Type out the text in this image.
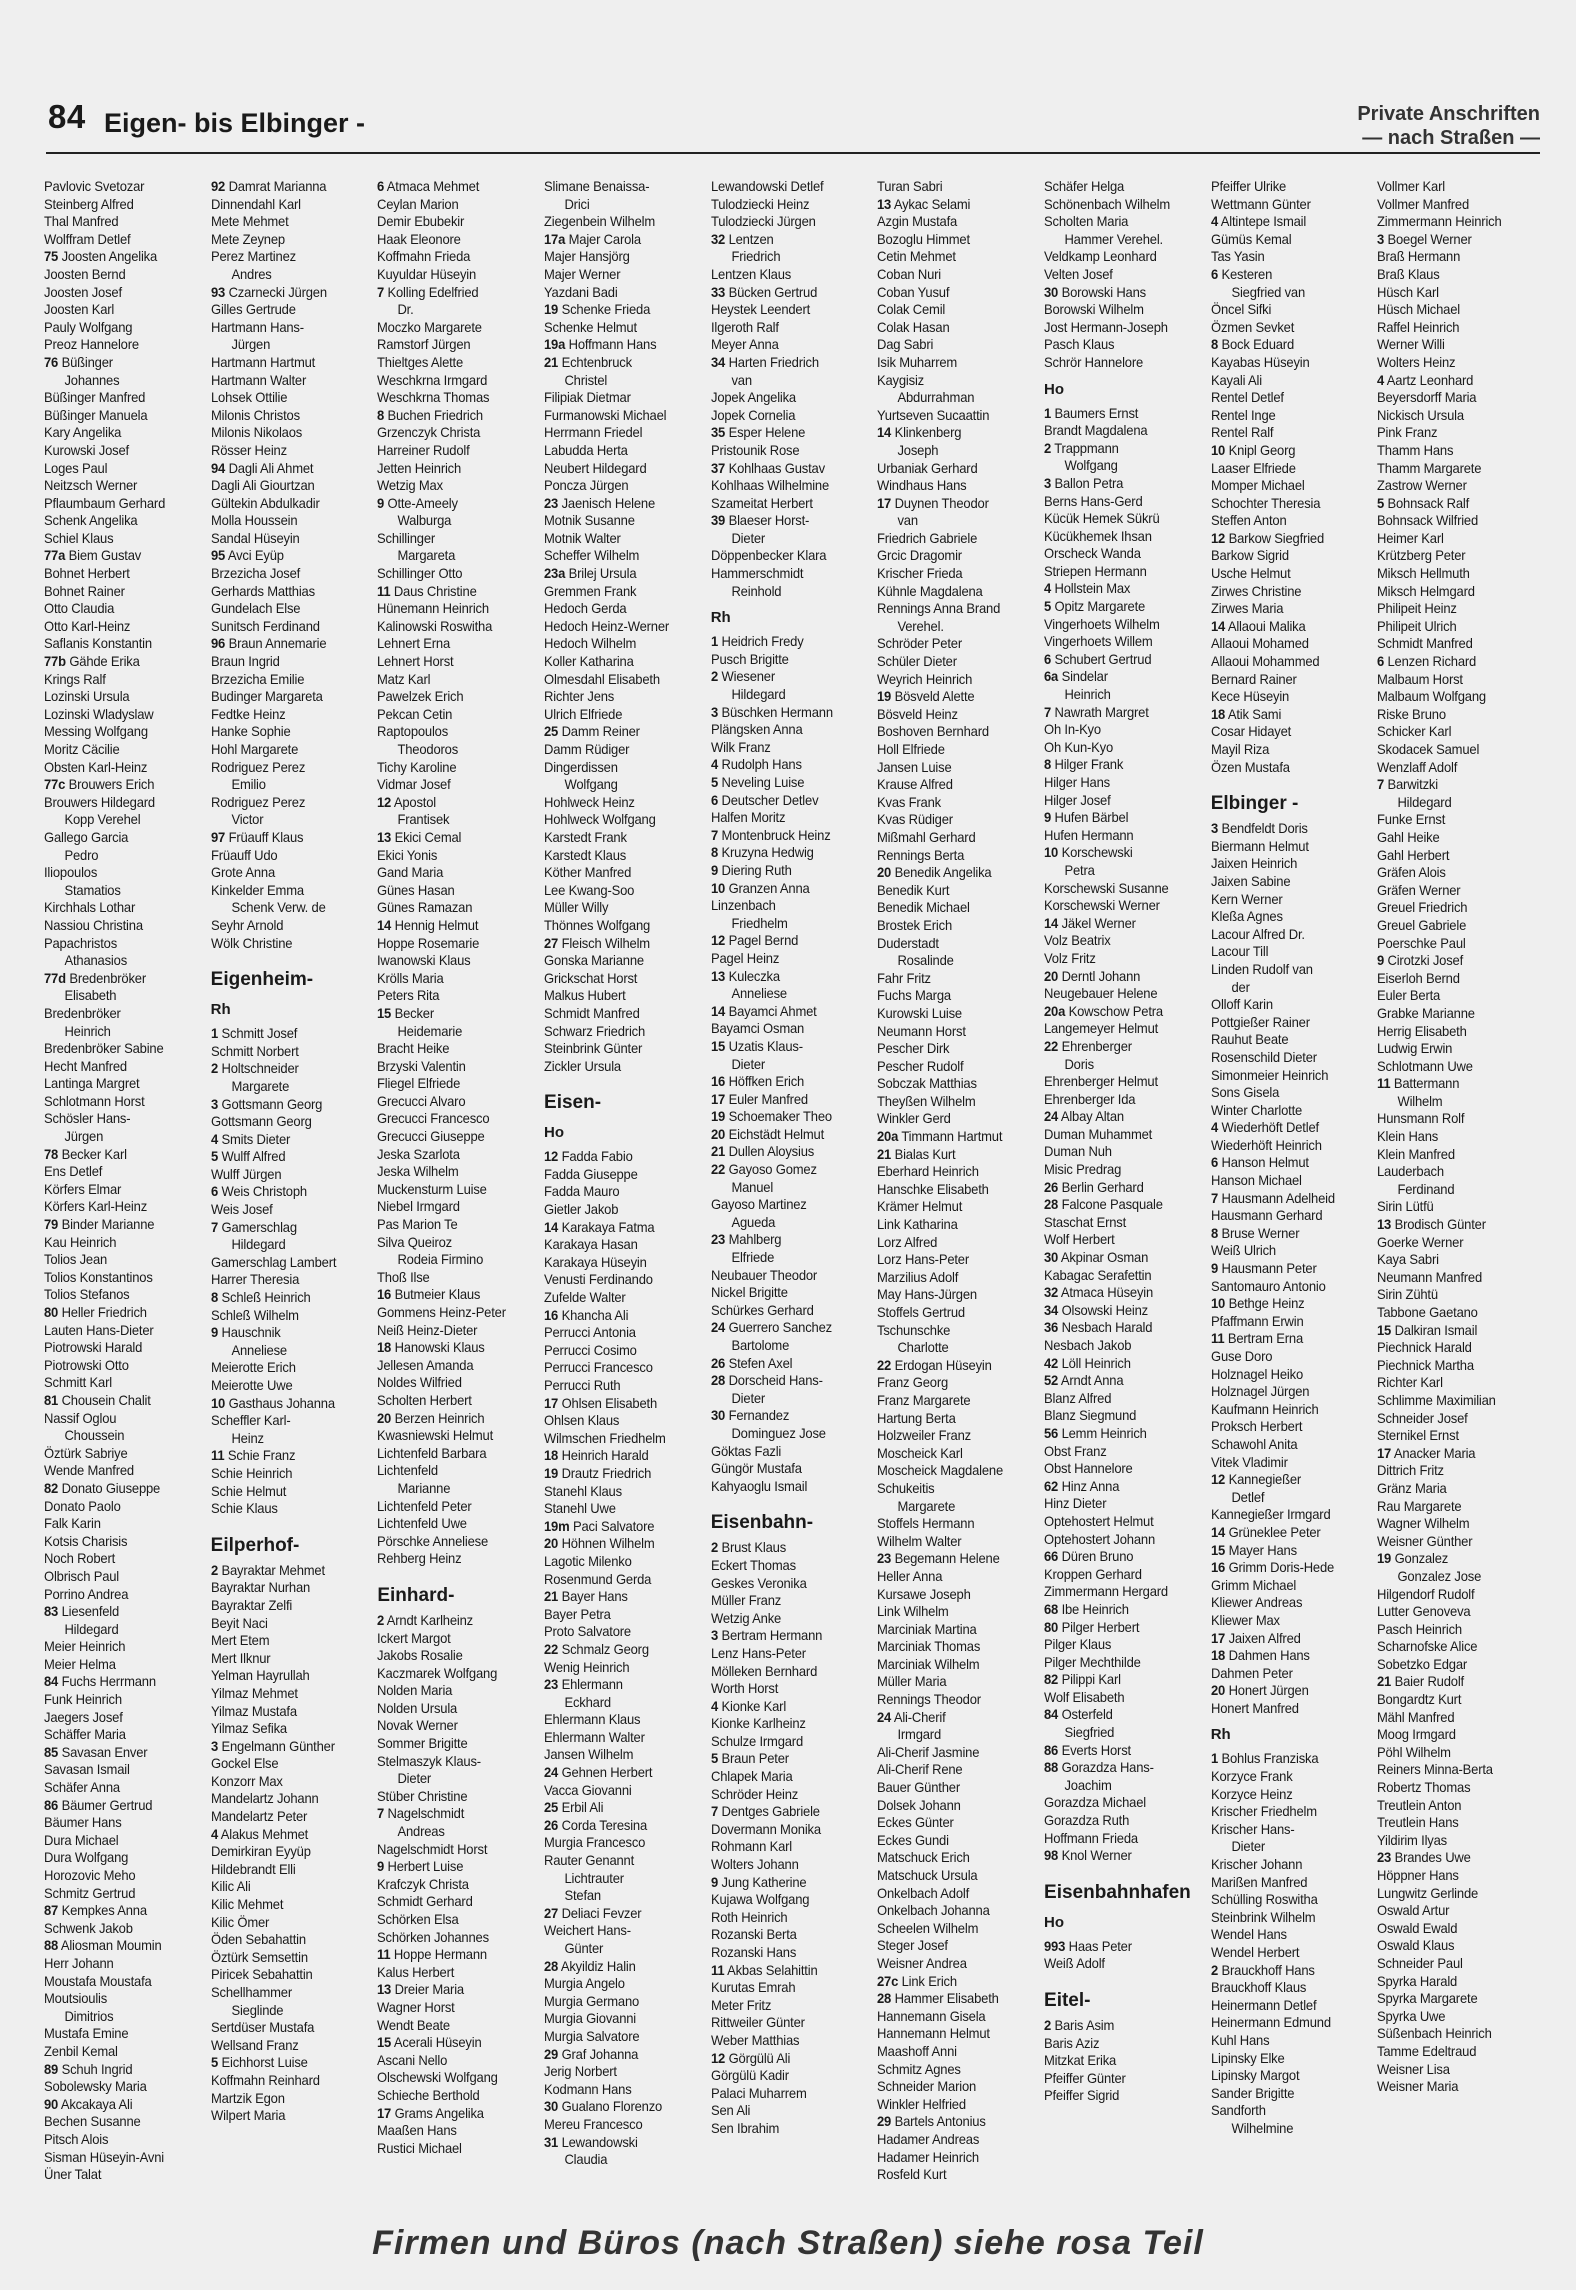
84 Eigen- bis Elbinger -	Private Anschriften
— nach Straßen —
Pavlovic Svetozar
Steinberg Alfred
Thal Manfred
Wolffram Detlef
75 Joosten Angelika
Joosten Bernd
Joosten Josef
Joosten Karl
Pauly Wolfgang
Preoz Hannelore
76 Büßinger
Johannes
Büßinger Manfred
Büßinger Manuela
Kary Angelika
Kurowski Josef
Loges Paul
Neitzsch Werner
Pflaumbaum Gerhard
Schenk Angelika
Schiel Klaus
77a Biem Gustav
Bohnet Herbert
Bohnet Rainer
Otto Claudia
Otto Karl-Heinz
Saflanis Konstantin
77b Gähde Erika
Krings Ralf
Lozinski Ursula
Lozinski Wladyslaw
Messing Wolfgang
Moritz Cäcilie
Obsten Karl-Heinz
77c Brouwers Erich
Brouwers Hildegard
Kopp Verehel
Gallego Garcia
Pedro
Iliopoulos
Stamatios
Kirchhals Lothar
Nassiou Christina
Papachristos
Athanasios
77d Bredenbröker
Elisabeth
Bredenbröker
Heinrich
Bredenbröker Sabine
Hecht Manfred
Lantinga Margret
Schlotmann Horst
Schösler Hans-
Jürgen
78 Becker Karl
Ens Detlef
Körfers Elmar
Körfers Karl-Heinz
79 Binder Marianne
Kau Heinrich
Tolios Jean
Tolios Konstantinos
Tolios Stefanos
80 Heller Friedrich
Lauten Hans-Dieter
Piotrowski Harald
Piotrowski Otto
Schmitt Karl
81 Chousein Chalit
Nassif Oglou
Choussein
Öztürk Sabriye
Wende Manfred
82 Donato Giuseppe
Donato Paolo
Falk Karin
Kotsis Charisis
Noch Robert
Olbrisch Paul
Porrino Andrea
83 Liesenfeld
Hildegard
Meier Heinrich
Meier Helma
84 Fuchs Herrmann
Funk Heinrich
Jaegers Josef
Schäffer Maria
85 Savasan Enver
Savasan Ismail
Schäfer Anna
86 Bäumer Gertrud
Bäumer Hans
Dura Michael
Dura Wolfgang
Horozovic Meho
Schmitz Gertrud
87 Kempkes Anna
Schwenk Jakob
88 Aliosman Moumin
Herr Johann
Moustafa Moustafa
Moutsioulis
Dimitrios
Mustafa Emine
Zenbil Kemal
89 Schuh Ingrid
Sobolewsky Maria
90 Akcakaya Ali
Bechen Susanne
Pitsch Alois
Sisman Hüseyin-Avni
Üner Talat
92 Damrat Marianna
Dinnendahl Karl
Mete Mehmet
Mete Zeynep
Perez Martinez
Andres
93 Czarnecki Jürgen
Gilles Gertrude
Hartmann Hans-
Jürgen
Hartmann Hartmut
Hartmann Walter
Lohsek Ottilie
Milonis Christos
Milonis Nikolaos
Rösser Heinz
94 Dagli Ali Ahmet
Dagli Ali Giourtzan
Gültekin Abdulkadir
Molla Houssein
Sandal Hüseyin
95 Avci Eyüp
Brzezicha Josef
Gerhards Matthias
Gundelach Else
Sunitsch Ferdinand
96 Braun Annemarie
Braun Ingrid
Brzezicha Emilie
Budinger Margareta
Fedtke Heinz
Hanke Sophie
Hohl Margarete
Rodriguez Perez
Emilio
Rodriguez Perez
Victor
97 Früauff Klaus
Früauff Udo
Grote Anna
Kinkelder Emma
Schenk Verw. de
Seyhr Arnold
Wölk Christine
Eigenheim-
Rh
1 Schmitt Josef
Schmitt Norbert
2 Holtschneider
Margarete
3 Gottsmann Georg
Gottsmann Georg
4 Smits Dieter
5 Wulff Alfred
Wulff Jürgen
6 Weis Christoph
Weis Josef
7 Gamerschlag
Hildegard
Gamerschlag Lambert
Harrer Theresia
8 Schleß Heinrich
Schleß Wilhelm
9 Hauschnik
Anneliese
Meierotte Erich
Meierotte Uwe
10 Gasthaus Johanna
Scheffler Karl-
Heinz
11 Schie Franz
Schie Heinrich
Schie Helmut
Schie Klaus
Eilperhof-
2 Bayraktar Mehmet
Bayraktar Nurhan
Bayraktar Zelfi
Beyit Naci
Mert Etem
Mert Ilknur
Yelman Hayrullah
Yilmaz Mehmet
Yilmaz Mustafa
Yilmaz Sefika
3 Engelmann Günther
Gockel Else
Konzorr Max
Mandelartz Johann
Mandelartz Peter
4 Alakus Mehmet
Demirkiran Eyyüp
Hildebrandt Elli
Kilic Ali
Kilic Mehmet
Kilic Ömer
Öden Sebahattin
Öztürk Semsettin
Piricek Sebahattin
Schellhammer
Sieglinde
Sertdüser Mustafa
Wellsand Franz
5 Eichhorst Luise
Koffmahn Reinhard
Martzik Egon
Wilpert Maria
6 Atmaca Mehmet
Ceylan Marion
Demir Ebubekir
Haak Eleonore
Koffmahn Frieda
Kuyuldar Hüseyin
7 Kolling Edelfried
Dr.
Moczko Margarete
Ramstorf Jürgen
Thieltges Alette
Weschkrna Irmgard
Weschkrna Thomas
8 Buchen Friedrich
Grzenczyk Christa
Harreiner Rudolf
Jetten Heinrich
Wetzig Max
9 Otte-Ameely
Walburga
Schillinger
Margareta
Schillinger Otto
11 Daus Christine
Hünemann Heinrich
Kalinowski Roswitha
Lehnert Erna
Lehnert Horst
Matz Karl
Pawelzek Erich
Pekcan Cetin
Raptopoulos
Theodoros
Tichy Karoline
Vidmar Josef
12 Apostol
Frantisek
13 Ekici Cemal
Ekici Yonis
Gand Maria
Günes Hasan
Günes Ramazan
14 Hennig Helmut
Hoppe Rosemarie
Iwanowski Klaus
Krölls Maria
Peters Rita
15 Becker
Heidemarie
Bracht Heike
Brzyski Valentin
Fliegel Elfriede
Grecucci Alvaro
Grecucci Francesco
Grecucci Giuseppe
Jeska Szarlota
Jeska Wilhelm
Muckensturm Luise
Niebel Irmgard
Pas Marion Te
Silva Queiroz
Rodeia Firmino
Thoß Ilse
16 Butmeier Klaus
Gommens Heinz-Peter
Neiß Heinz-Dieter
18 Hanowski Klaus
Jellesen Amanda
Noldes Wilfried
Scholten Herbert
20 Berzen Heinrich
Kwasniewski Helmut
Lichtenfeld Barbara
Lichtenfeld
Marianne
Lichtenfeld Peter
Lichtenfeld Uwe
Pörschke Anneliese
Rehberg Heinz
Einhard-
2 Arndt Karlheinz
Ickert Margot
Jakobs Rosalie
Kaczmarek Wolfgang
Nolden Maria
Nolden Ursula
Novak Werner
Sommer Brigitte
Stelmaszyk Klaus-
Dieter
Stüber Christine
7 Nagelschmidt
Andreas
Nagelschmidt Horst
9 Herbert Luise
Krafczyk Christa
Schmidt Gerhard
Schörken Elsa
Schörken Johannes
11 Hoppe Hermann
Kalus Herbert
13 Dreier Maria
Wagner Horst
Wendt Beate
15 Acerali Hüseyin
Ascani Nello
Olschewski Wolfgang
Schieche Berthold
17 Grams Angelika
Maaßen Hans
Rustici Michael
Slimane Benaissa-
Drici
Ziegenbein Wilhelm
17a Majer Carola
Majer Hansjörg
Majer Werner
Yazdani Badi
19 Schenke Frieda
Schenke Helmut
19a Hoffmann Hans
21 Echtenbruck
Christel
Filipiak Dietmar
Furmanowski Michael
Herrmann Friedel
Labudda Herta
Neubert Hildegard
Poncza Jürgen
23 Jaenisch Helene
Motnik Susanne
Motnik Walter
Scheffer Wilhelm
23a Brilej Ursula
Gremmen Frank
Hedoch Gerda
Hedoch Heinz-Werner
Hedoch Wilhelm
Koller Katharina
Olmesdahl Elisabeth
Richter Jens
Ulrich Elfriede
25 Damm Reiner
Damm Rüdiger
Dingerdissen
Wolfgang
Hohlweck Heinz
Hohlweck Wolfgang
Karstedt Frank
Karstedt Klaus
Köther Manfred
Lee Kwang-Soo
Müller Willy
Thönnes Wolfgang
27 Fleisch Wilhelm
Gonska Marianne
Grickschat Horst
Malkus Hubert
Schmidt Manfred
Schwarz Friedrich
Steinbrink Günter
Zickler Ursula
Eisen-
Ho
12 Fadda Fabio
Fadda Giuseppe
Fadda Mauro
Gietler Jakob
14 Karakaya Fatma
Karakaya Hasan
Karakaya Hüseyin
Venusti Ferdinando
Zufelde Walter
16 Khancha Ali
Perrucci Antonia
Perrucci Cosimo
Perrucci Francesco
Perrucci Ruth
17 Ohlsen Elisabeth
Ohlsen Klaus
Wilmschen Friedhelm
18 Heinrich Harald
19 Drautz Friedrich
Stanehl Klaus
Stanehl Uwe
19m Paci Salvatore
20 Höhnen Wilhelm
Lagotic Milenko
Rosenmund Gerda
21 Bayer Hans
Bayer Petra
Proto Salvatore
22 Schmalz Georg
Wenig Heinrich
23 Ehlermann
Eckhard
Ehlermann Klaus
Ehlermann Walter
Jansen Wilhelm
24 Gehnen Herbert
Vacca Giovanni
25 Erbil Ali
26 Corda Teresina
Murgia Francesco
Rauter Genannt
Lichtrauter
Stefan
27 Deliaci Fevzer
Weichert Hans-
Günter
28 Akyildiz Halin
Murgia Angelo
Murgia Germano
Murgia Giovanni
Murgia Salvatore
29 Graf Johanna
Jerig Norbert
Kodmann Hans
30 Gualano Florenzo
Mereu Francesco
31 Lewandowski
Claudia
Lewandowski Detlef
Tulodziecki Heinz
Tulodziecki Jürgen
32 Lentzen
Friedrich
Lentzen Klaus
33 Bücken Gertrud
Heystek Leendert
Ilgeroth Ralf
Meyer Anna
34 Harten Friedrich
van
Jopek Angelika
Jopek Cornelia
35 Esper Helene
Pristounik Rose
37 Kohlhaas Gustav
Kohlhaas Wilhelmine
Szameitat Herbert
39 Blaeser Horst-
Dieter
Döppenbecker Klara
Hammerschmidt
Reinhold
Rh
1 Heidrich Fredy
Pusch Brigitte
2 Wiesener
Hildegard
3 Büschken Hermann
Plängsken Anna
Wilk Franz
4 Rudolph Hans
5 Neveling Luise
6 Deutscher Detlev
Halfen Moritz
7 Montenbruck Heinz
8 Kruzyna Hedwig
9 Diering Ruth
10 Granzen Anna
Linzenbach
Friedhelm
12 Pagel Bernd
Pagel Heinz
13 Kuleczka
Anneliese
14 Bayamci Ahmet
Bayamci Osman
15 Uzatis Klaus-
Dieter
16 Höffken Erich
17 Euler Manfred
19 Schoemaker Theo
20 Eichstädt Helmut
21 Dullen Aloysius
22 Gayoso Gomez
Manuel
Gayoso Martinez
Agueda
23 Mahlberg
Elfriede
Neubauer Theodor
Nickel Brigitte
Schürkes Gerhard
24 Guerrero Sanchez
Bartolome
26 Stefen Axel
28 Dorscheid Hans-
Dieter
30 Fernandez
Dominguez Jose
Göktas Fazli
Güngör Mustafa
Kahyaoglu Ismail
Eisenbahn-
2 Brust Klaus
Eckert Thomas
Geskes Veronika
Müller Franz
Wetzig Anke
3 Bertram Hermann
Lenz Hans-Peter
Mölleken Bernhard
Worth Horst
4 Kionke Karl
Kionke Karlheinz
Schulze Irmgard
5 Braun Peter
Chlapek Maria
Schröder Heinz
7 Dentges Gabriele
Dovermann Monika
Rohmann Karl
Wolters Johann
9 Jung Katherine
Kujawa Wolfgang
Roth Heinrich
Rozanski Berta
Rozanski Hans
11 Akbas Selahittin
Kurutas Emrah
Meter Fritz
Rittweiler Günter
Weber Matthias
12 Görgülü Ali
Görgülü Kadir
Palaci Muharrem
Sen Ali
Sen Ibrahim
Turan Sabri
13 Aykac Selami
Azgin Mustafa
Bozoglu Himmet
Cetin Mehmet
Coban Nuri
Coban Yusuf
Colak Cemil
Colak Hasan
Dag Sabri
Isik Muharrem
Kaygisiz
Abdurrahman
Yurtseven Sucaattin
14 Klinkenberg
Joseph
Urbaniak Gerhard
Windhaus Hans
17 Duynen Theodor
van
Friedrich Gabriele
Grcic Dragomir
Krischer Frieda
Kühnle Magdalena
Rennings Anna Brand
Verehel.
Schröder Peter
Schüler Dieter
Weyrich Heinrich
19 Bösveld Alette
Bösveld Heinz
Boshoven Bernhard
Holl Elfriede
Jansen Luise
Krause Alfred
Kvas Frank
Kvas Rüdiger
Mißmahl Gerhard
Rennings Berta
20 Benedik Angelika
Benedik Kurt
Benedik Michael
Brostek Erich
Duderstadt
Rosalinde
Fahr Fritz
Fuchs Marga
Kurowski Luise
Neumann Horst
Pescher Dirk
Pescher Rudolf
Sobczak Matthias
Theyßen Wilhelm
Winkler Gerd
20a Timmann Hartmut
21 Bialas Kurt
Eberhard Heinrich
Hanschke Elisabeth
Krämer Helmut
Link Katharina
Lorz Alfred
Lorz Hans-Peter
Marzilius Adolf
May Hans-Jürgen
Stoffels Gertrud
Tschunschke
Charlotte
22 Erdogan Hüseyin
Franz Georg
Franz Margarete
Hartung Berta
Holzweiler Franz
Moscheick Karl
Moscheick Magdalene
Schukeitis
Margarete
Stoffels Hermann
Wilhelm Walter
23 Begemann Helene
Heller Anna
Kursawe Joseph
Link Wilhelm
Marciniak Martina
Marciniak Thomas
Marciniak Wilhelm
Müller Maria
Rennings Theodor
24 Ali-Cherif
Irmgard
Ali-Cherif Jasmine
Ali-Cherif Rene
Bauer Günther
Dolsek Johann
Eckes Günter
Eckes Gundi
Matschuck Erich
Matschuck Ursula
Onkelbach Adolf
Onkelbach Johanna
Scheelen Wilhelm
Steger Josef
Weisner Andrea
27c Link Erich
28 Hammer Elisabeth
Hannemann Gisela
Hannemann Helmut
Maashoff Anni
Schmitz Agnes
Schneider Marion
Winkler Helfried
29 Bartels Antonius
Hadamer Andreas
Hadamer Heinrich
Rosfeld Kurt
Schäfer Helga
Schönenbach Wilhelm
Scholten Maria
Hammer Verehel.
Veldkamp Leonhard
Velten Josef
30 Borowski Hans
Borowski Wilhelm
Jost Hermann-Joseph
Pasch Klaus
Schrör Hannelore
Ho
1 Baumers Ernst
Brandt Magdalena
2 Trappmann
Wolfgang
3 Ballon Petra
Berns Hans-Gerd
Kücük Hemek Sükrü
Kücükhemek Ihsan
Orscheck Wanda
Striepen Hermann
4 Hollstein Max
5 Opitz Margarete
Vingerhoets Wilhelm
Vingerhoets Willem
6 Schubert Gertrud
6a Sindelar
Heinrich
7 Nawrath Margret
Oh In-Kyo
Oh Kun-Kyo
8 Hilger Frank
Hilger Hans
Hilger Josef
9 Hufen Bärbel
Hufen Hermann
10 Korschewski
Petra
Korschewski Susanne
Korschewski Werner
14 Jäkel Werner
Volz Beatrix
Volz Fritz
20 Derntl Johann
Neugebauer Helene
20a Kowschow Petra
Langemeyer Helmut
22 Ehrenberger
Doris
Ehrenberger Helmut
Ehrenberger Ida
24 Albay Altan
Duman Muhammet
Duman Nuh
Misic Predrag
26 Berlin Gerhard
28 Falcone Pasquale
Staschat Ernst
Wolf Herbert
30 Akpinar Osman
Kabagac Serafettin
32 Atmaca Hüseyin
34 Olsowski Heinz
36 Nesbach Harald
Nesbach Jakob
42 Löll Heinrich
52 Arndt Anna
Blanz Alfred
Blanz Siegmund
56 Lemm Heinrich
Obst Franz
Obst Hannelore
62 Hinz Anna
Hinz Dieter
Optehostert Helmut
Optehostert Johann
66 Düren Bruno
Kroppen Gerhard
Zimmermann Hergard
68 Ibe Heinrich
80 Pilger Herbert
Pilger Klaus
Pilger Mechthilde
82 Pilippi Karl
Wolf Elisabeth
84 Osterfeld
Siegfried
86 Everts Horst
88 Gorazdza Hans-
Joachim
Gorazdza Michael
Gorazdza Ruth
Hoffmann Frieda
98 Knol Werner
Eisenbahnhafen
Ho
993 Haas Peter
Weiß Adolf
Eitel-
2 Baris Asim
Baris Aziz
Mitzkat Erika
Pfeiffer Günter
Pfeiffer Sigrid
Pfeiffer Ulrike
Wettmann Günter
4 Altintepe Ismail
Gümüs Kemal
Tas Yasin
6 Kesteren
Siegfried van
Öncel Sifki
Özmen Sevket
8 Bock Eduard
Kayabas Hüseyin
Kayali Ali
Rentel Detlef
Rentel Inge
Rentel Ralf
10 Knipl Georg
Laaser Elfriede
Momper Michael
Schochter Theresia
Steffen Anton
12 Barkow Siegfried
Barkow Sigrid
Usche Helmut
Zirwes Christine
Zirwes Maria
14 Allaoui Malika
Allaoui Mohamed
Allaoui Mohammed
Bernard Rainer
Kece Hüseyin
18 Atik Sami
Cosar Hidayet
Mayil Riza
Özen Mustafa
Elbinger -
3 Bendfeldt Doris
Biermann Helmut
Jaixen Heinrich
Jaixen Sabine
Kern Werner
Kleßa Agnes
Lacour Alfred Dr.
Lacour Till
Linden Rudolf van
der
Olloff Karin
Pottgießer Rainer
Rauhut Beate
Rosenschild Dieter
Simonmeier Heinrich
Sons Gisela
Winter Charlotte
4 Wiederhöft Detlef
Wiederhöft Heinrich
6 Hanson Helmut
Hanson Michael
7 Hausmann Adelheid
Hausmann Gerhard
8 Bruse Werner
Weiß Ulrich
9 Hausmann Peter
Santomauro Antonio
10 Bethge Heinz
Pfaffmann Erwin
11 Bertram Erna
Guse Doro
Holznagel Heiko
Holznagel Jürgen
Kaufmann Heinrich
Proksch Herbert
Schawohl Anita
Vitek Vladimir
12 Kannegießer
Detlef
Kannegießer Irmgard
14 Grüneklee Peter
15 Mayer Hans
16 Grimm Doris-Hede
Grimm Michael
Kliewer Andreas
Kliewer Max
17 Jaixen Alfred
18 Dahmen Hans
Dahmen Peter
20 Honert Jürgen
Honert Manfred
Rh
1 Bohlus Franziska
Korzyce Frank
Korzyce Heinz
Krischer Friedhelm
Krischer Hans-
Dieter
Krischer Johann
Marißen Manfred
Schülling Roswitha
Steinbrink Wilhelm
Wendel Hans
Wendel Herbert
2 Brauckhoff Hans
Brauckhoff Klaus
Heinermann Detlef
Heinermann Edmund
Kuhl Hans
Lipinsky Elke
Lipinsky Margot
Sander Brigitte
Sandforth
Wilhelmine
Vollmer Karl
Vollmer Manfred
Zimmermann Heinrich
3 Boegel Werner
Braß Hermann
Braß Klaus
Hüsch Karl
Hüsch Michael
Raffel Heinrich
Werner Willi
Wolters Heinz
4 Aartz Leonhard
Beyersdorff Maria
Nickisch Ursula
Pink Franz
Thamm Hans
Thamm Margarete
Zastrow Werner
5 Bohnsack Ralf
Bohnsack Wilfried
Heimer Karl
Krützberg Peter
Miksch Hellmuth
Miksch Helmgard
Philipeit Heinz
Philipeit Ulrich
Schmidt Manfred
6 Lenzen Richard
Malbaum Horst
Malbaum Wolfgang
Riske Bruno
Schicker Karl
Skodacek Samuel
Wenzlaff Adolf
7 Barwitzki
Hildegard
Funke Ernst
Gahl Heike
Gahl Herbert
Gräfen Alois
Gräfen Werner
Greuel Friedrich
Greuel Gabriele
Poerschke Paul
9 Cirotzki Josef
Eiserloh Bernd
Euler Berta
Grabke Marianne
Herrig Elisabeth
Ludwig Erwin
Schlotmann Uwe
11 Battermann
Wilhelm
Hunsmann Rolf
Klein Hans
Klein Manfred
Lauderbach
Ferdinand
Sirin Lütfü
13 Brodisch Günter
Goerke Werner
Kaya Sabri
Neumann Manfred
Sirin Zühtü
Tabbone Gaetano
15 Dalkiran Ismail
Piechnick Harald
Piechnick Martha
Richter Karl
Schlimme Maximilian
Schneider Josef
Sternikel Ernst
17 Anacker Maria
Dittrich Fritz
Gränz Maria
Rau Margarete
Wagner Wilhelm
Weisner Günther
19 Gonzalez
Gonzalez Jose
Hilgendorf Rudolf
Lutter Genoveva
Pasch Heinrich
Scharnofske Alice
Sobetzko Edgar
21 Baier Rudolf
Bongardtz Kurt
Mähl Manfred
Moog Irmgard
Pöhl Wilhelm
Reiners Minna-Berta
Robertz Thomas
Treutlein Anton
Treutlein Hans
Yildirim Ilyas
23 Brandes Uwe
Höppner Hans
Lungwitz Gerlinde
Oswald Artur
Oswald Ewald
Oswald Klaus
Schneider Paul
Spyrka Harald
Spyrka Margarete
Spyrka Uwe
Süßenbach Heinrich
Tamme Edeltraud
Weisner Lisa
Weisner Maria
Firmen und Büros (nach Straßen) siehe rosa Teil
